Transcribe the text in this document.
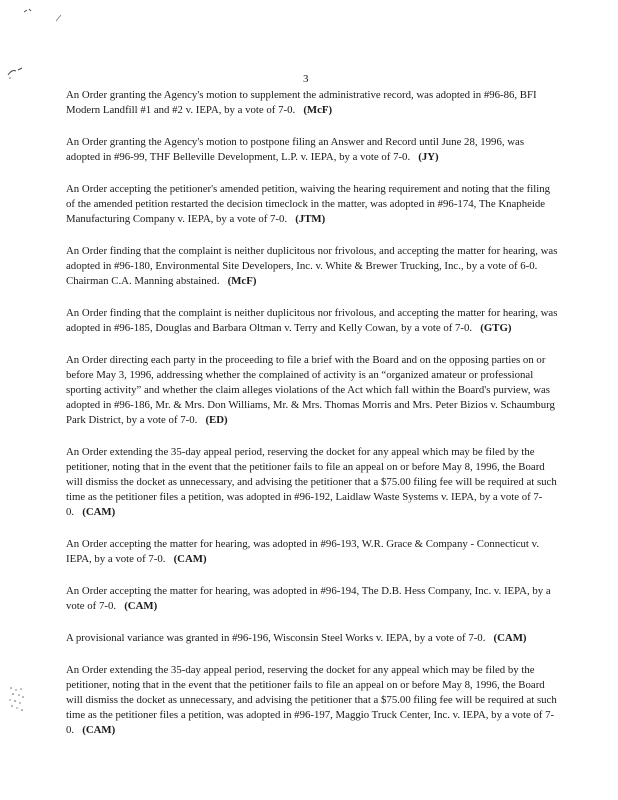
3

An Order granting the Agency's motion to supplement the administrative record, was adopted in #96-86, BFI Modern Landfill #1 and #2 v. IEPA, by a vote of 7-0. (McF)

An Order granting the Agency's motion to postpone filing an Answer and Record until June 28, 1996, was adopted in #96-99, THF Belleville Development, L.P. v. IEPA, by a vote of 7-0. (JY)

An Order accepting the petitioner's amended petition, waiving the hearing requirement and noting that the filing of the amended petition restarted the decision timeclock in the matter, was adopted in #96-174, The Knapheide Manufacturing Company v. IEPA, by a vote of 7-0. (JTM)

An Order finding that the complaint is neither duplicitous nor frivolous, and accepting the matter for hearing, was adopted in #96-180, Environmental Site Developers, Inc. v. White & Brewer Trucking, Inc., by a vote of 6-0. Chairman C.A. Manning abstained. (McF)

An Order finding that the complaint is neither duplicitous nor frivolous, and accepting the matter for hearing, was adopted in #96-185, Douglas and Barbara Oltman v. Terry and Kelly Cowan, by a vote of 7-0. (GTG)

An Order directing each party in the proceeding to file a brief with the Board and on the opposing parties on or before May 3, 1996, addressing whether the complained of activity is an “organized amateur or professional sporting activity” and whether the claim alleges violations of the Act which fall within the Board's purview, was adopted in #96-186, Mr. & Mrs. Don Williams, Mr. & Mrs. Thomas Morris and Mrs. Peter Bizios v. Schaumburg Park District, by a vote of 7-0. (ED)

An Order extending the 35-day appeal period, reserving the docket for any appeal which may be filed by the petitioner, noting that in the event that the petitioner fails to file an appeal on or before May 8, 1996, the Board will dismiss the docket as unnecessary, and advising the petitioner that a $75.00 filing fee will be required at such time as the petitioner files a petition, was adopted in #96-192, Laidlaw Waste Systems v. IEPA, by a vote of 7-0. (CAM)

An Order accepting the matter for hearing, was adopted in #96-193, W.R. Grace & Company - Connecticut v. IEPA, by a vote of 7-0. (CAM)

An Order accepting the matter for hearing, was adopted in #96-194, The D.B. Hess Company, Inc. v. IEPA, by a vote of 7-0. (CAM)

A provisional variance was granted in #96-196, Wisconsin Steel Works v. IEPA, by a vote of 7-0. (CAM)

An Order extending the 35-day appeal period, reserving the docket for any appeal which may be filed by the petitioner, noting that in the event that the petitioner fails to file an appeal on or before May 8, 1996, the Board will dismiss the docket as unnecessary, and advising the petitioner that a $75.00 filing fee will be required at such time as the petitioner files a petition, was adopted in #96-197, Maggio Truck Center, Inc. v. IEPA, by a vote of 7-0. (CAM)
